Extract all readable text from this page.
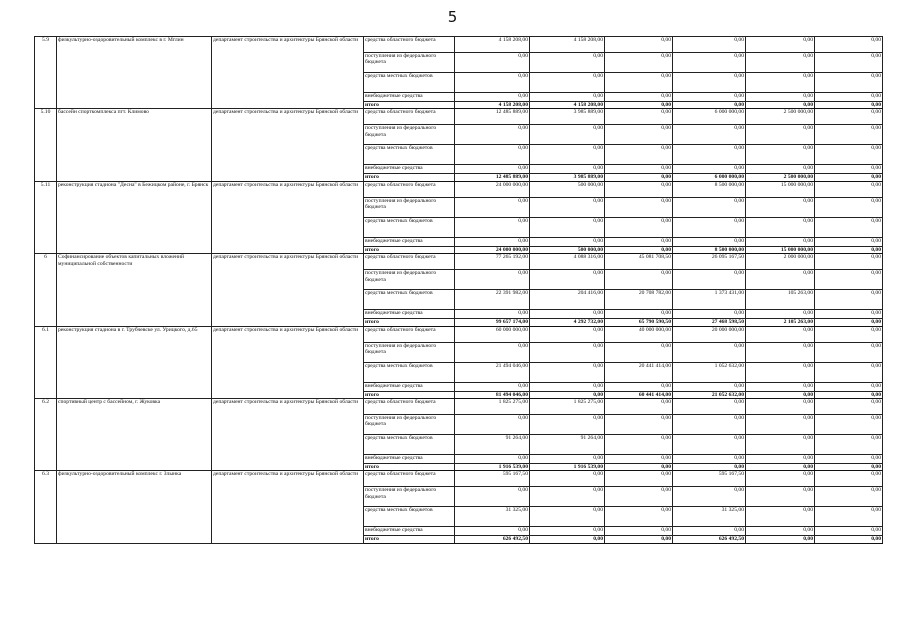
5
5.9	физкультурно-оздоровительный комплекс в г. Мглин	департамент строительства и архитектуры Брянской области	средства областного бюджета	4 158 208,00	4 158 208,00	0,00	0,00	0,00	0,00
			поступления из федерального бюджета	0,00	0,00	0,00	0,00	0,00	0,00
			средства местных бюджетов	0,00	0,00	0,00	0,00	0,00	0,00
			внебюджетные средства	0,00	0,00	0,00	0,00	0,00	0,00
			итого	4 158 208,00	4 158 208,00	0,00	0,00	0,00	0,00
5.10	бассейн спорткомплекса пгт. Климово	департамент строительства и архитектуры Брянской области	средства областного бюджета	12 485 889,00	3 985 889,00	0,00	6 000 000,00	2 500 000,00	0,00
			поступления из федерального бюджета	0,00	0,00	0,00	0,00	0,00	0,00
			средства местных бюджетов	0,00	0,00	0,00	0,00	0,00	0,00
			внебюджетные средства	0,00	0,00	0,00	0,00	0,00	0,00
			итого	12 485 889,00	3 985 889,00	0,00	6 000 000,00	2 500 000,00	0,00
5.11	реконструкция стадиона "Десна" в Бежицком районе, г. Брянск	департамент строительства и архитектуры Брянской области	средства областного бюджета	24 000 000,00	500 000,00	0,00	8 500 000,00	15 000 000,00	0,00
			поступления из федерального бюджета	0,00	0,00	0,00	0,00	0,00	0,00
			средства местных бюджетов	0,00	0,00	0,00	0,00	0,00	0,00
			внебюджетные средства	0,00	0,00	0,00	0,00	0,00	0,00
			итого	24 000 000,00	500 000,00	0,00	8 500 000,00	15 000 000,00	0,00
6	Софинансирование объектов капитальных вложений муниципальной собственности	департамент строительства и архитектуры Брянской области	средства областного бюджета	77 265 192,00	4 088 316,00	45 081 708,50	26 095 167,50	2 000 000,00	0,00
			поступления из федерального бюджета	0,00	0,00	0,00	0,00	0,00	0,00
			средства местных бюджетов	22 391 982,00	204 416,00	20 708 782,00	1 373 431,00	105 263,00	0,00
			внебюджетные средства	0,00	0,00	0,00	0,00	0,00	0,00
			итого	99 657 174,00	4 292 732,00	65 790 590,50	27 468 598,50	2 105 263,00	0,00
6.1	реконструкция стадиона в г. Трубчевске ул. Урицкого, д.65	департамент строительства и архитектуры Брянской области	средства областного бюджета	60 000 000,00	0,00	40 000 000,00	20 000 000,00	0,00	0,00
			поступления из федерального бюджета	0,00	0,00	0,00	0,00	0,00	0,00
			средства местных бюджетов	21 494 046,00	0,00	20 441 414,00	1 052 632,00	0,00	0,00
			внебюджетные средства	0,00	0,00	0,00	0,00	0,00	0,00
			итого	81 494 046,00	0,00	60 441 414,00	21 052 632,00	0,00	0,00
6.2	спортивный центр с бассейном, г. Жуковка	департамент строительства и архитектуры Брянской области	средства областного бюджета	1 825 275,00	1 825 275,00	0,00	0,00	0,00	0,00
			поступления из федерального бюджета	0,00	0,00	0,00	0,00	0,00	0,00
			средства местных бюджетов	91 264,00	91 264,00	0,00	0,00	0,00	0,00
			внебюджетные средства	0,00	0,00	0,00	0,00	0,00	0,00
			итого	1 916 539,00	1 916 539,00	0,00	0,00	0,00	0,00
6.3	физкультурно-оздоровительный комплекс г. Злынка	департамент строительства и архитектуры Брянской области	средства областного бюджета	595 167,50	0,00	0,00	595 167,50	0,00	0,00
			поступления из федерального бюджета	0,00	0,00	0,00	0,00	0,00	0,00
			средства местных бюджетов	31 325,00	0,00	0,00	31 325,00	0,00	0,00
			внебюджетные средства	0,00	0,00	0,00	0,00	0,00	0,00
			итого	626 492,50	0,00	0,00	626 492,50	0,00	0,00
